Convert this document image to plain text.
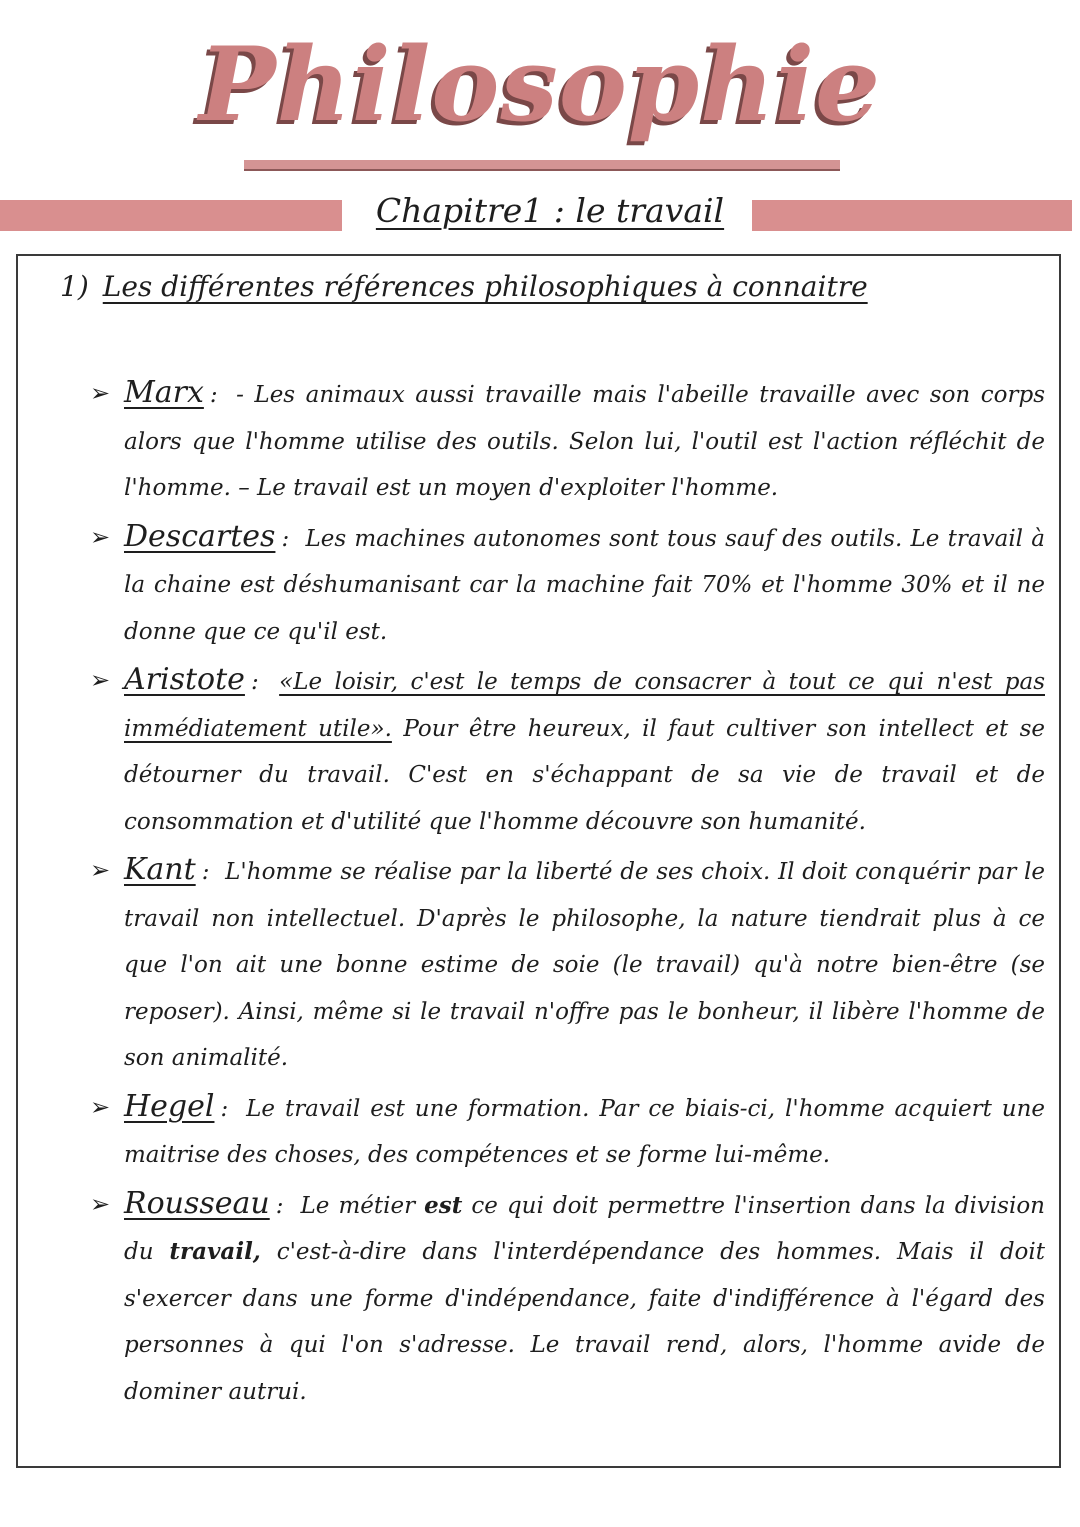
Philosophie
Chapitre1 : le travail
1) Les différentes références philosophiques à connaitre
➢ Marx : - Les animaux aussi travaille mais l'abeille travaille avec son corps alors que l'homme utilise des outils. Selon lui, l'outil est l'action réfléchit de l'homme. – Le travail est un moyen d'exploiter l'homme.
➢ Descartes : Les machines autonomes sont tous sauf des outils. Le travail à la chaine est déshumanisant car la machine fait 70% et l'homme 30% et il ne donne que ce qu'il est.
➢ Aristote : «Le loisir, c'est le temps de consacrer à tout ce qui n'est pas immédiatement utile». Pour être heureux, il faut cultiver son intellect et se détourner du travail. C'est en s'échappant de sa vie de travail et de consommation et d'utilité que l'homme découvre son humanité.
➢ Kant : L'homme se réalise par la liberté de ses choix. Il doit conquérir par le travail non intellectuel. D'après le philosophe, la nature tiendrait plus à ce que l'on ait une bonne estime de soie (le travail) qu'à notre bien-être (se reposer). Ainsi, même si le travail n'offre pas le bonheur, il libère l'homme de son animalité.
➢ Hegel : Le travail est une formation. Par ce biais-ci, l'homme acquiert une maitrise des choses, des compétences et se forme lui-même.
➢ Rousseau : Le métier est ce qui doit permettre l'insertion dans la division du travail, c'est-à-dire dans l'interdépendance des hommes. Mais il doit s'exercer dans une forme d'indépendance, faite d'indifférence à l'égard des personnes à qui l'on s'adresse. Le travail rend, alors, l'homme avide de dominer autrui.
